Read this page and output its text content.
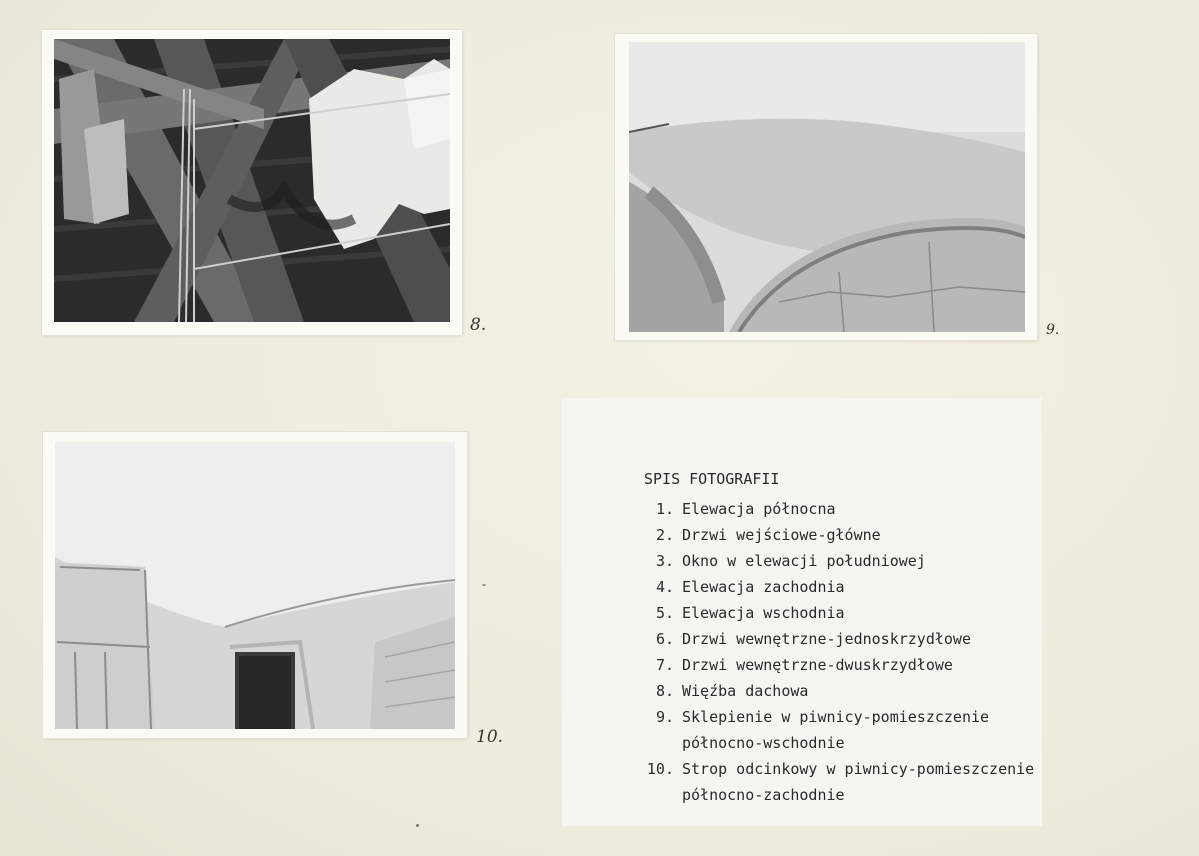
8.	9.
10.
SPIS FOTOGRAFII
1. Elewacja północna
2. Drzwi wejściowe-główne
3. Okno w elewacji południowej
4. Elewacja zachodnia
5. Elewacja wschodnia
6. Drzwi wewnętrzne-jednoskrzydłowe
7. Drzwi wewnętrzne-dwuskrzydłowe
8. Więźba dachowa
9. Sklepienie w piwnicy-pomieszczenie północno-wschodnie
10. Strop odcinkowy w piwnicy-pomieszczenie północno-zachodnie
